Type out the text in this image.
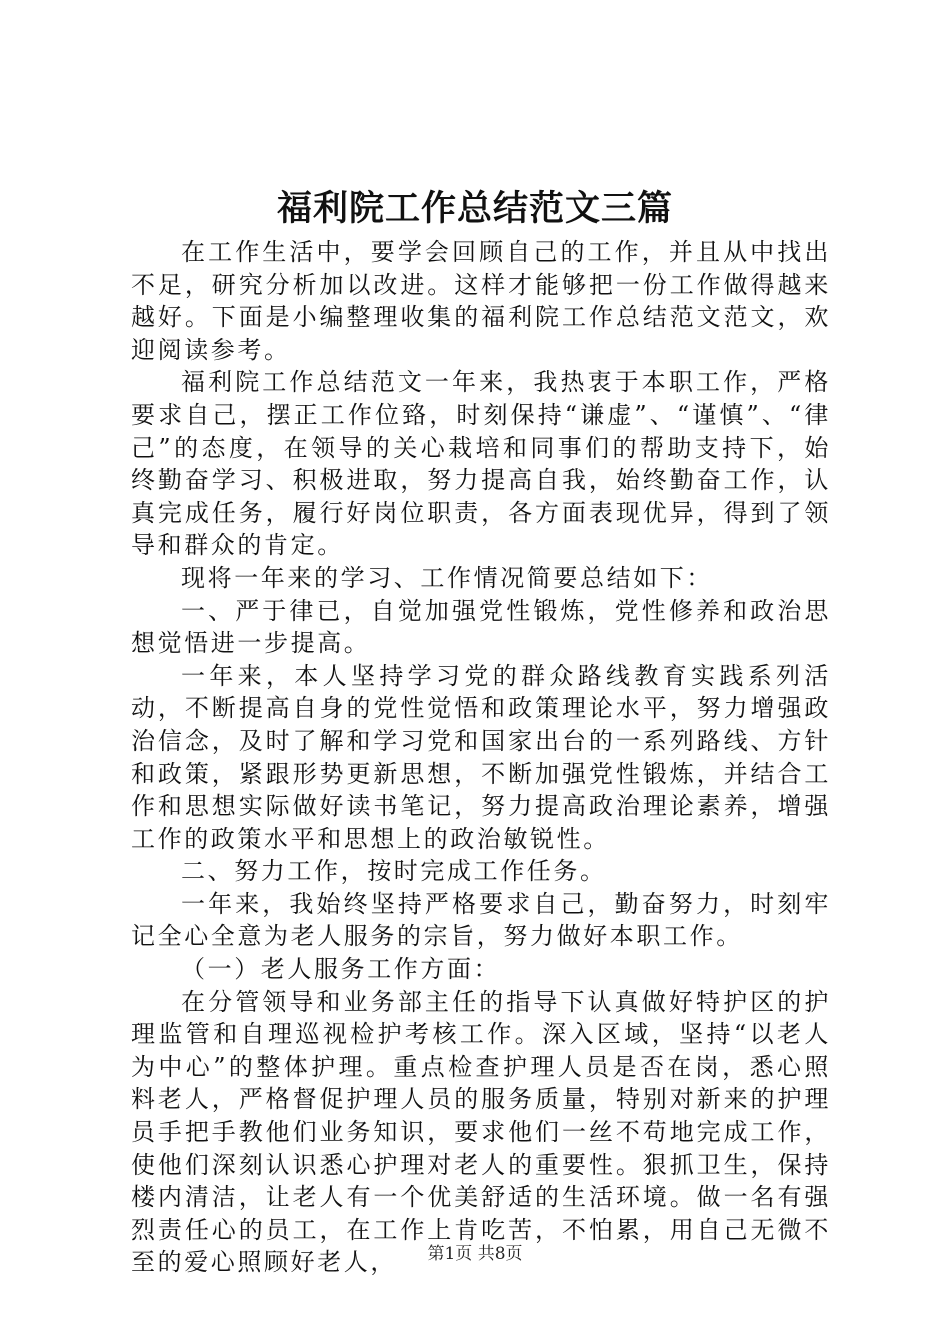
福利院工作总结范文三篇

在工作生活中，要学会回顾自己的工作，并且从中找出不足，研究分析加以改进。这样才能够把一份工作做得越来越好。下面是小编整理收集的福利院工作总结范文范文，欢迎阅读参考。

福利院工作总结范文一年来，我热衷于本职工作，严格要求自己，摆正工作位臵，时刻保持“谦虚”、“谨慎”、“律己”的态度，在领导的关心栽培和同事们的帮助支持下，始终勤奋学习、积极进取，努力提高自我，始终勤奋工作，认真完成任务，履行好岗位职责，各方面表现优异，得到了领导和群众的肯定。

现将一年来的学习、工作情况简要总结如下：

一、严于律已，自觉加强党性锻炼，党性修养和政治思想觉悟进一步提高。

一年来，本人坚持学习党的群众路线教育实践系列活动，不断提高自身的党性觉悟和政策理论水平，努力增强政治信念，及时了解和学习党和国家出台的一系列路线、方针和政策，紧跟形势更新思想，不断加强党性锻炼，并结合工作和思想实际做好读书笔记，努力提高政治理论素养，增强工作的政策水平和思想上的政治敏锐性。

二、努力工作，按时完成工作任务。

一年来，我始终坚持严格要求自己，勤奋努力，时刻牢记全心全意为老人服务的宗旨，努力做好本职工作。

（一）老人服务工作方面：

在分管领导和业务部主任的指导下认真做好特护区的护理监管和自理巡视检护考核工作。深入区域，坚持“以老人为中心”的整体护理。重点检查护理人员是否在岗，悉心照料老人，严格督促护理人员的服务质量，特别对新来的护理员手把手教他们业务知识，要求他们一丝不苟地完成工作，使他们深刻认识悉心护理对老人的重要性。狠抓卫生，保持楼内清洁，让老人有一个优美舒适的生活环境。做一名有强烈责任心的员工，在工作上肯吃苦，不怕累，用自己无微不至的爱心照顾好老人，	第1页 共8页
